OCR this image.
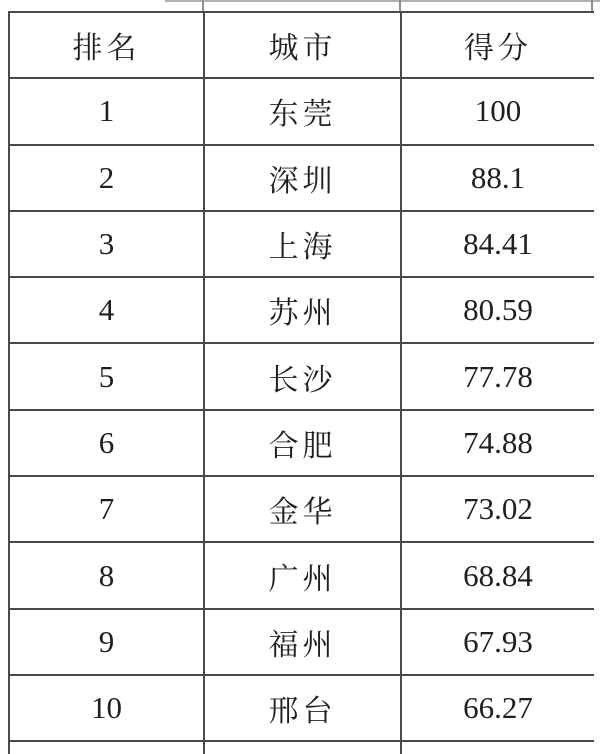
排名	城市	得分
1	东莞	100
2	深圳	88.1
3	上海	84.41
4	苏州	80.59
5	长沙	77.78
6	合肥	74.88
7	金华	73.02
8	广州	68.84
9	福州	67.93
10	邢台	66.27
